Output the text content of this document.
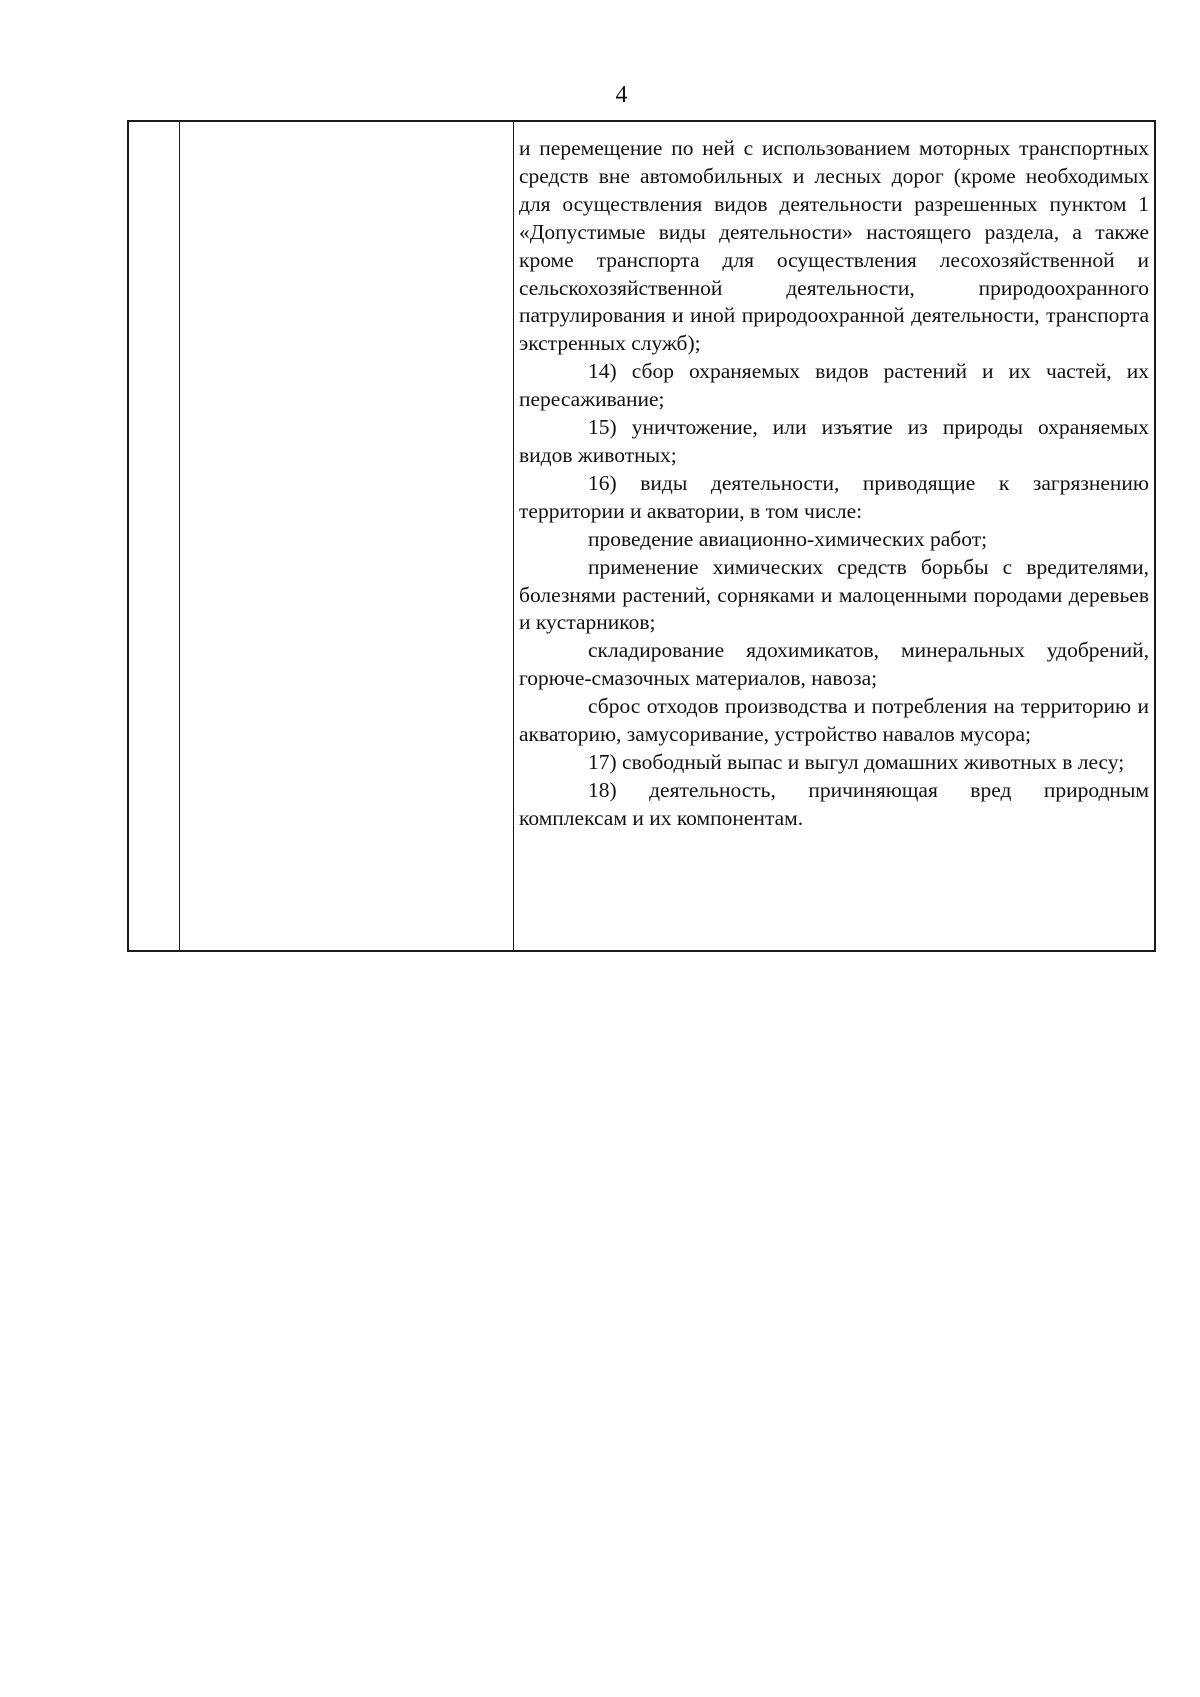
4

и перемещение по ней с использованием моторных транспортных средств вне автомобильных и лесных дорог (кроме необходимых для осуществления видов деятельности разрешенных пунктом 1 «Допустимые виды деятельности» настоящего раздела, а также кроме транспорта для осуществления лесохозяйственной и сельскохозяйственной деятельности, природоохранного патрулирования и иной природоохранной деятельности, транспорта экстренных служб);

14) сбор охраняемых видов растений и их частей, их пересаживание;

15) уничтожение, или изъятие из природы охраняемых видов животных;

16) виды деятельности, приводящие к загрязнению территории и акватории, в том числе:

проведение авиационно-химических работ;

применение химических средств борьбы с вредителями, болезнями растений, сорняками и малоценными породами деревьев и кустарников;

складирование ядохимикатов, минеральных удобрений, горюче-смазочных материалов, навоза;

сброс отходов производства и потребления на территорию и акваторию, замусоривание, устройство навалов мусора;

17) свободный выпас и выгул домашних животных в лесу;

18) деятельность, причиняющая вред природным комплексам и их компонентам.
